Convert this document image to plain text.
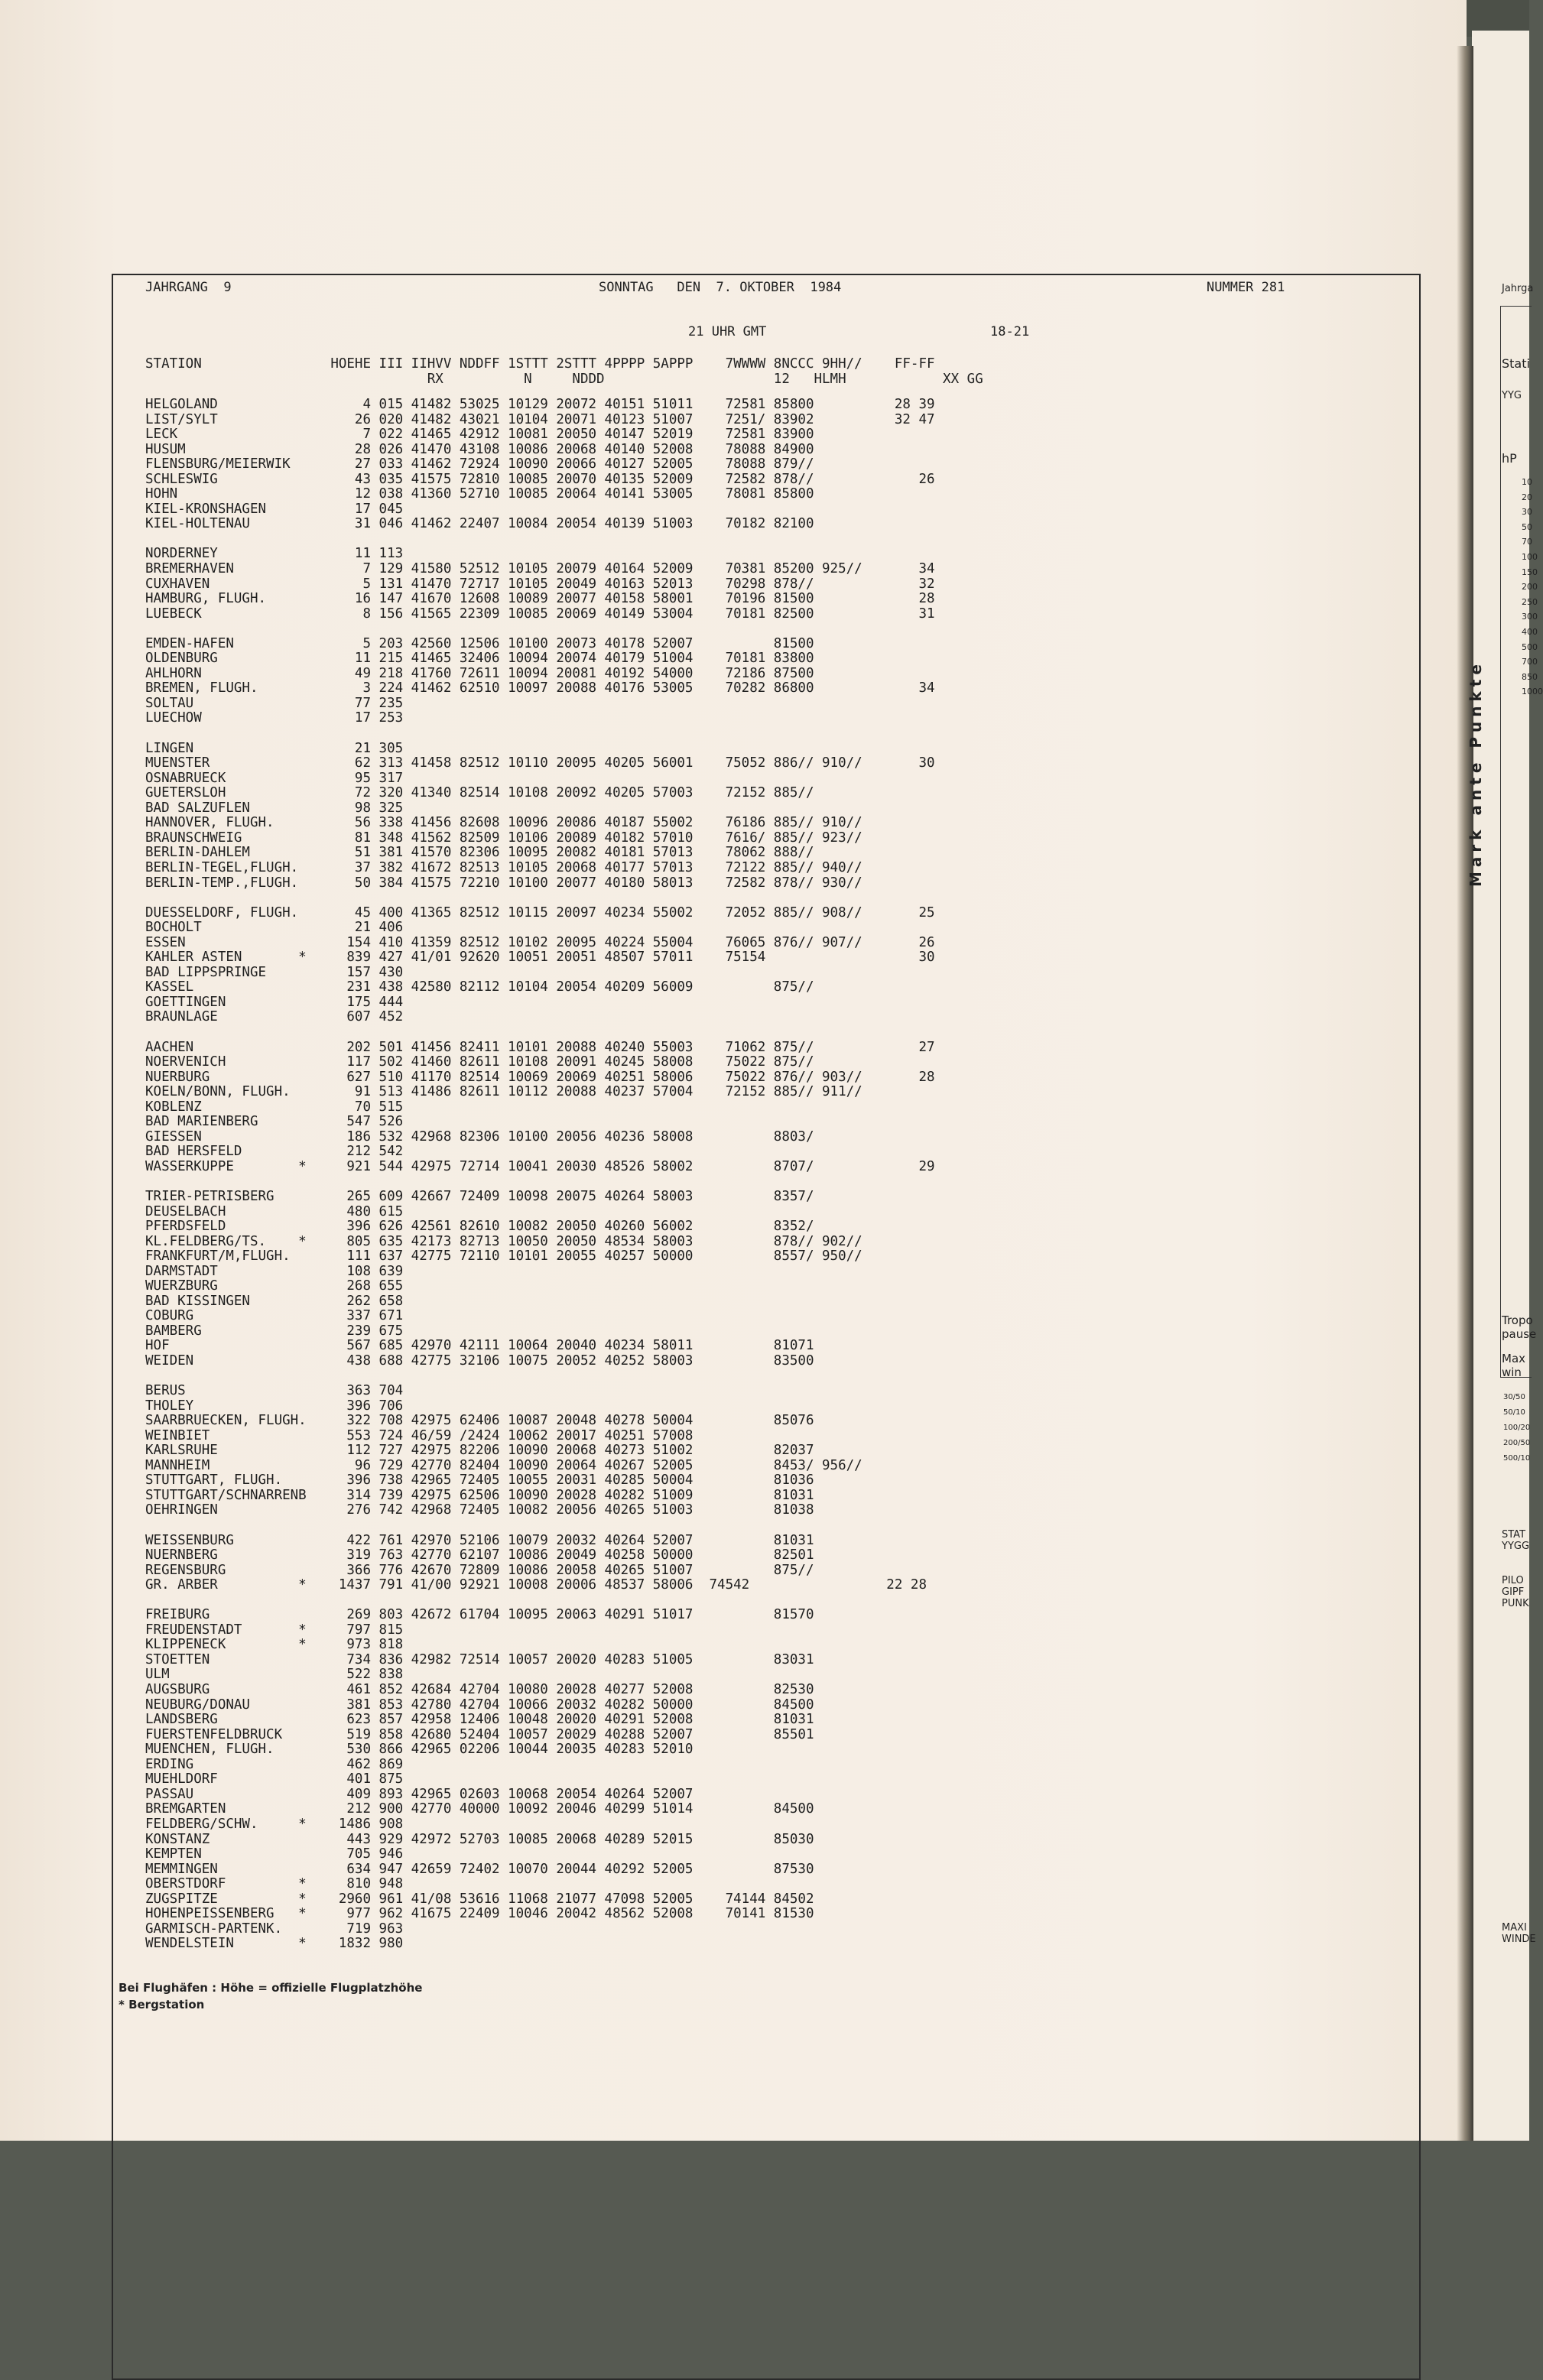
JAHRGANG  9	SONNTAG   DEN  7. OKTOBER  1984	NUMMER 281
21 UHR GMT	18-21
STATION                HOEHE III IIHVV NDDFF 1STTT 2STTT 4PPPP 5APPP    7WWWW 8NCCC 9HH//    FF-FF
RX          N     NDDD                     12   HLMH            XX GG
HELGOLAND                  4 015 41482 53025 10129 20072 40151 51011    72581 85800          28 39
LIST/SYLT                 26 020 41482 43021 10104 20071 40123 51007    7251/ 83902          32 47
LECK                       7 022 41465 42912 10081 20050 40147 52019    72581 83900
HUSUM                     28 026 41470 43108 10086 20068 40140 52008    78088 84900
FLENSBURG/MEIERWIK        27 033 41462 72924 10090 20066 40127 52005    78088 879//
SCHLESWIG                 43 035 41575 72810 10085 20070 40135 52009    72582 878//             26
HOHN                      12 038 41360 52710 10085 20064 40141 53005    78081 85800
KIEL-KRONSHAGEN           17 045
KIEL-HOLTENAU             31 046 41462 22407 10084 20054 40139 51003    70182 82100
NORDERNEY                 11 113
BREMERHAVEN                7 129 41580 52512 10105 20079 40164 52009    70381 85200 925//       34
CUXHAVEN                   5 131 41470 72717 10105 20049 40163 52013    70298 878//             32
HAMBURG, FLUGH.           16 147 41670 12608 10089 20077 40158 58001    70196 81500             28
LUEBECK                    8 156 41565 22309 10085 20069 40149 53004    70181 82500             31
EMDEN-HAFEN                5 203 42560 12506 10100 20073 40178 52007          81500
OLDENBURG                 11 215 41465 32406 10094 20074 40179 51004    70181 83800
AHLHORN                   49 218 41760 72611 10094 20081 40192 54000    72186 87500
BREMEN, FLUGH.             3 224 41462 62510 10097 20088 40176 53005    70282 86800             34
SOLTAU                    77 235
LUECHOW                   17 253
LINGEN                    21 305
MUENSTER                  62 313 41458 82512 10110 20095 40205 56001    75052 886// 910//       30
OSNABRUECK                95 317
GUETERSLOH                72 320 41340 82514 10108 20092 40205 57003    72152 885//
BAD SALZUFLEN             98 325
HANNOVER, FLUGH.          56 338 41456 82608 10096 20086 40187 55002    76186 885// 910//
BRAUNSCHWEIG              81 348 41562 82509 10106 20089 40182 57010    7616/ 885// 923//
BERLIN-DAHLEM             51 381 41570 82306 10095 20082 40181 57013    78062 888//
BERLIN-TEGEL,FLUGH.       37 382 41672 82513 10105 20068 40177 57013    72122 885// 940//
BERLIN-TEMP.,FLUGH.       50 384 41575 72210 10100 20077 40180 58013    72582 878// 930//
DUESSELDORF, FLUGH.       45 400 41365 82512 10115 20097 40234 55002    72052 885// 908//       25
BOCHOLT                   21 406
ESSEN                    154 410 41359 82512 10102 20095 40224 55004    76065 876// 907//       26
KAHLER ASTEN       *     839 427 41/01 92620 10051 20051 48507 57011    75154                   30
BAD LIPPSPRINGE          157 430
KASSEL                   231 438 42580 82112 10104 20054 40209 56009          875//
GOETTINGEN               175 444
BRAUNLAGE                607 452
AACHEN                   202 501 41456 82411 10101 20088 40240 55003    71062 875//             27
NOERVENICH               117 502 41460 82611 10108 20091 40245 58008    75022 875//
NUERBURG                 627 510 41170 82514 10069 20069 40251 58006    75022 876// 903//       28
KOELN/BONN, FLUGH.        91 513 41486 82611 10112 20088 40237 57004    72152 885// 911//
KOBLENZ                   70 515
BAD MARIENBERG           547 526
GIESSEN                  186 532 42968 82306 10100 20056 40236 58008          8803/
BAD HERSFELD             212 542
WASSERKUPPE        *     921 544 42975 72714 10041 20030 48526 58002          8707/             29
TRIER-PETRISBERG         265 609 42667 72409 10098 20075 40264 58003          8357/
DEUSELBACH               480 615
PFERDSFELD               396 626 42561 82610 10082 20050 40260 56002          8352/
KL.FELDBERG/TS.    *     805 635 42173 82713 10050 20050 48534 58003          878// 902//
FRANKFURT/M,FLUGH.       111 637 42775 72110 10101 20055 40257 50000          8557/ 950//
DARMSTADT                108 639
WUERZBURG                268 655
BAD KISSINGEN            262 658
COBURG                   337 671
BAMBERG                  239 675
HOF                      567 685 42970 42111 10064 20040 40234 58011          81071
WEIDEN                   438 688 42775 32106 10075 20052 40252 58003          83500
BERUS                    363 704
THOLEY                   396 706
SAARBRUECKEN, FLUGH.     322 708 42975 62406 10087 20048 40278 50004          85076
WEINBIET                 553 724 46/59 /2424 10062 20017 40251 57008
KARLSRUHE                112 727 42975 82206 10090 20068 40273 51002          82037
MANNHEIM                  96 729 42770 82404 10090 20064 40267 52005          8453/ 956//
STUTTGART, FLUGH.        396 738 42965 72405 10055 20031 40285 50004          81036
STUTTGART/SCHNARRENB     314 739 42975 62506 10090 20028 40282 51009          81031
OEHRINGEN                276 742 42968 72405 10082 20056 40265 51003          81038
WEISSENBURG              422 761 42970 52106 10079 20032 40264 52007          81031
NUERNBERG                319 763 42770 62107 10086 20049 40258 50000          82501
REGENSBURG               366 776 42670 72809 10086 20058 40265 51007          875//
GR. ARBER          *    1437 791 41/00 92921 10008 20006 48537 58006  74542                 22 28
FREIBURG                 269 803 42672 61704 10095 20063 40291 51017          81570
FREUDENSTADT       *     797 815
KLIPPENECK         *     973 818
STOETTEN                 734 836 42982 72514 10057 20020 40283 51005          83031
ULM                      522 838
AUGSBURG                 461 852 42684 42704 10080 20028 40277 52008          82530
NEUBURG/DONAU            381 853 42780 42704 10066 20032 40282 50000          84500
LANDSBERG                623 857 42958 12406 10048 20020 40291 52008          81031
FUERSTENFELDBRUCK        519 858 42680 52404 10057 20029 40288 52007          85501
MUENCHEN, FLUGH.         530 866 42965 02206 10044 20035 40283 52010
ERDING                   462 869
MUEHLDORF                401 875
PASSAU                   409 893 42965 02603 10068 20054 40264 52007
BREMGARTEN               212 900 42770 40000 10092 20046 40299 51014          84500
FELDBERG/SCHW.     *    1486 908
KONSTANZ                 443 929 42972 52703 10085 20068 40289 52015          85030
KEMPTEN                  705 946
MEMMINGEN                634 947 42659 72402 10070 20044 40292 52005          87530
OBERSTDORF         *     810 948
ZUGSPITZE          *    2960 961 41/08 53616 11068 21077 47098 52005    74144 84502
HOHENPEISSENBERG   *     977 962 41675 22409 10046 20042 48562 52008    70141 81530
GARMISCH-PARTENK.        719 963
WENDELSTEIN        *    1832 980
Bei Flughäfen : Höhe = offizielle Flugplatzhöhe
* Bergstation
Jahrga
Stati
YYG
hP
10
20
30
50
70
100
150
200
250
300
400
500
700
850
1000
Mark ante Punkte
Tropo pause
Max win
30/50
50/10
100/20
200/50
500/10
STAT YYGG
PILO GIPF PUNK
MAXI WINDE
